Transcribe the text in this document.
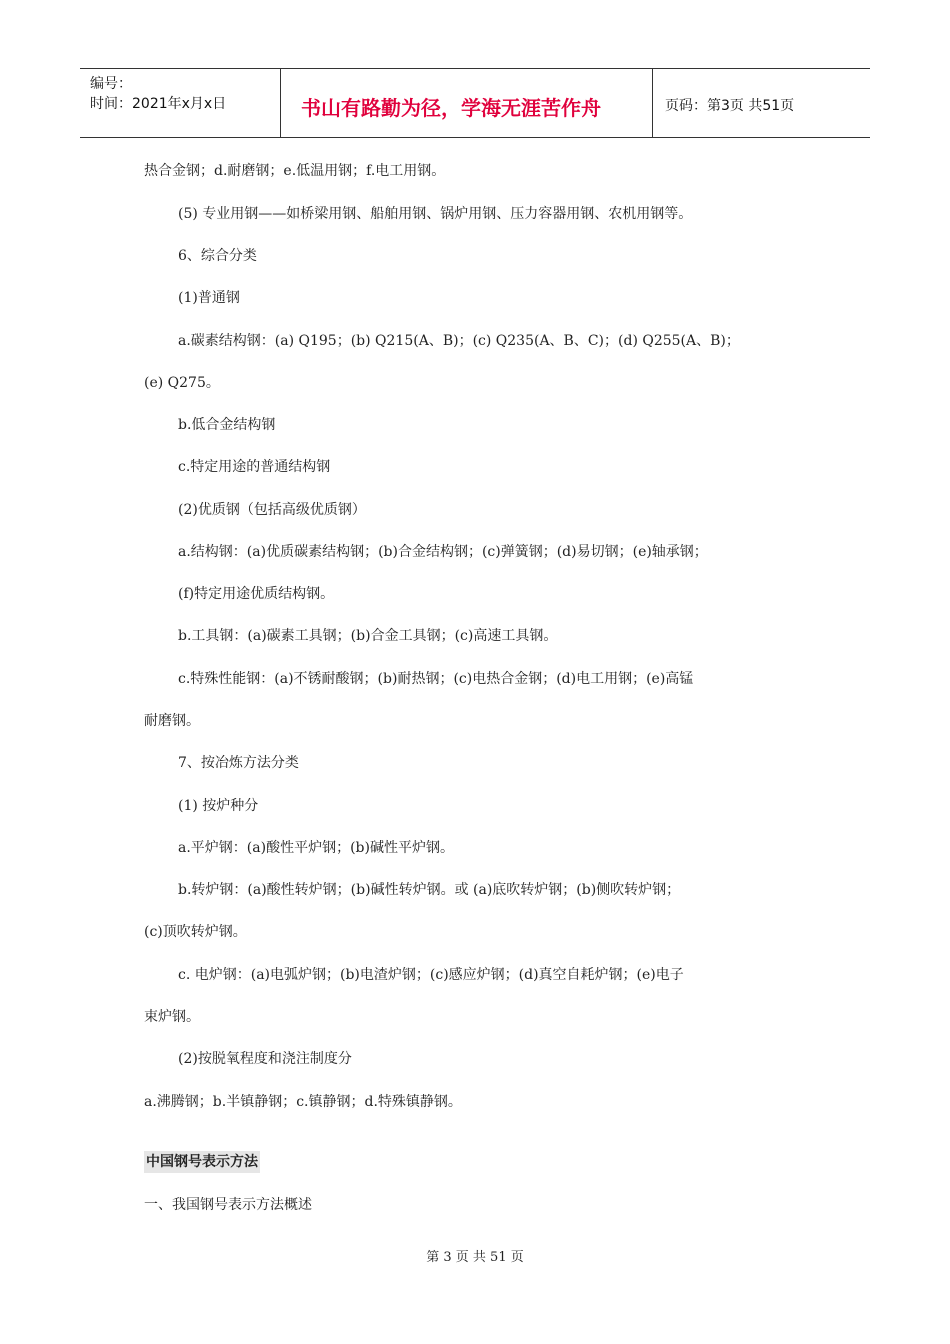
编号：
时间：2021年x月x日	书山有路勤为径，学海无涯苦作舟	页码：第3页 共51页
热合金钢；d.耐磨钢；e.低温用钢；f.电工用钢。
(5) 专业用钢——如桥梁用钢、船舶用钢、锅炉用钢、压力容器用钢、农机用钢等。
6、综合分类
(1)普通钢
a.碳素结构钢：(a) Q195；(b) Q215(A、B)；(c) Q235(A、B、C)；(d) Q255(A、B)；
(e) Q275。
b.低合金结构钢
c.特定用途的普通结构钢
(2)优质钢（包括高级优质钢）
a.结构钢：(a)优质碳素结构钢；(b)合金结构钢；(c)弹簧钢；(d)易切钢；(e)轴承钢；
(f)特定用途优质结构钢。
b.工具钢：(a)碳素工具钢；(b)合金工具钢；(c)高速工具钢。
c.特殊性能钢：(a)不锈耐酸钢；(b)耐热钢；(c)电热合金钢；(d)电工用钢；(e)高锰
耐磨钢。
7、按冶炼方法分类
(1) 按炉种分
a.平炉钢：(a)酸性平炉钢；(b)碱性平炉钢。
b.转炉钢：(a)酸性转炉钢；(b)碱性转炉钢。或 (a)底吹转炉钢；(b)侧吹转炉钢；
(c)顶吹转炉钢。
c. 电炉钢：(a)电弧炉钢；(b)电渣炉钢；(c)感应炉钢；(d)真空自耗炉钢；(e)电子
束炉钢。
(2)按脱氧程度和浇注制度分
a.沸腾钢；b.半镇静钢；c.镇静钢；d.特殊镇静钢。
中国钢号表示方法
一、我国钢号表示方法概述
第 3 页 共 51 页
